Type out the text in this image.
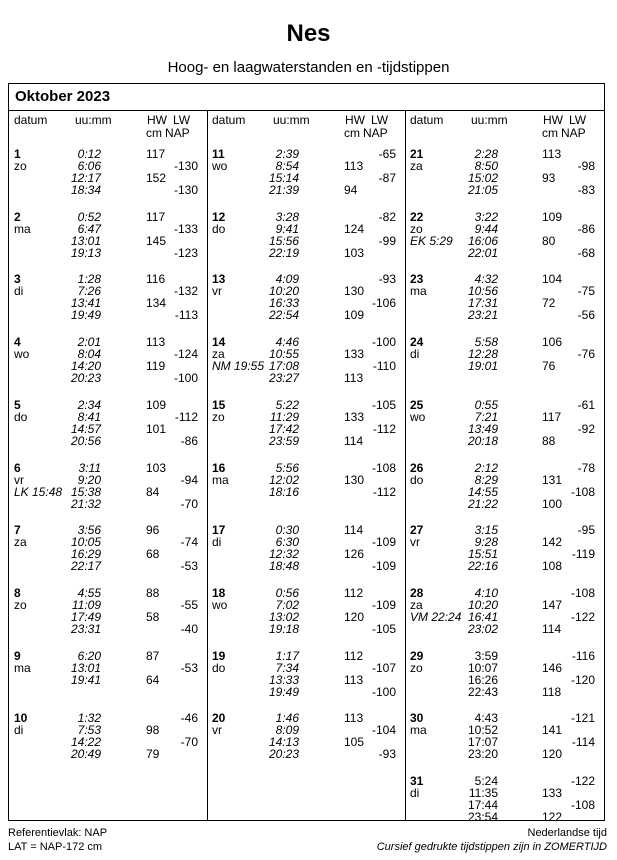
Nes
Hoog- en laagwaterstanden en -tijdstippen
Oktober 2023
datum uu:mm	HW LW
cm NAP
1
zo
0:12	117
6:06	-130
12:17	152
18:34	-130
2
ma
0:52	117
6:47	-133
13:01	145
19:13	-123
3
di
1:28	116
7:26	-132
13:41	134
19:49	-113
4
wo
2:01	113
8:04	-124
14:20	119
20:23	-100
5
do
2:34	109
8:41	-112
14:57	101
20:56	-86
6
vr
LK 15:48
3:11	103
9:20	-94
15:38	84
21:32	-70
7
za
3:56	96
10:05	-74
16:29	68
22:17	-53
8
zo
4:55	88
11:09	-55
17:49	58
23:31	-40
9
ma
6:20	87
13:01	-53
19:41	64
10
di
1:32	-46
7:53	98
14:22	-70
20:49	79
datum uu:mm	HW LW
cm NAP
11
wo
2:39	-65
8:54	113
15:14	-87
21:39	94
12
do
3:28	-82
9:41	124
15:56	-99
22:19	103
13
vr
4:09	-93
10:20	130
16:33	-106
22:54	109
14
za
NM 19:55
4:46	-100
10:55	133
17:08	-110
23:27	113
15
zo
5:22	-105
11:29	133
17:42	-112
23:59	114
16
ma
5:56	-108
12:02	130
18:16	-112
17
di
0:30	114
6:30	-109
12:32	126
18:48	-109
18
wo
0:56	112
7:02	-109
13:02	120
19:18	-105
19
do
1:17	112
7:34	-107
13:33	113
19:49	-100
20
vr
1:46	113
8:09	-104
14:13	105
20:23	-93
datum uu:mm	HW LW
cm NAP
21
za
2:28	113
8:50	-98
15:02	93
21:05	-83
22
zo
EK 5:29
3:22	109
9:44	-86
16:06	80
22:01	-68
23
ma
4:32	104
10:56	-75
17:31	72
23:21	-56
24
di
5:58	106
12:28	-76
19:01	76
25
wo
0:55	-61
7:21	117
13:49	-92
20:18	88
26
do
2:12	-78
8:29	131
14:55	-108
21:22	100
27
vr
3:15	-95
9:28	142
15:51	-119
22:16	108
28
za
VM 22:24
4:10	-108
10:20	147
16:41	-122
23:02	114
29
zo
3:59	-116
10:07	146
16:26	-120
22:43	118
30
ma
4:43	-121
10:52	141
17:07	-114
23:20	120
31
di
5:24	-122
11:35	133
17:44	-108
23:54	122
Referentievlak: NAP
LAT = NAP-172 cm
Nederlandse tijd
Cursief gedrukte tijdstippen zijn in ZOMERTIJD
